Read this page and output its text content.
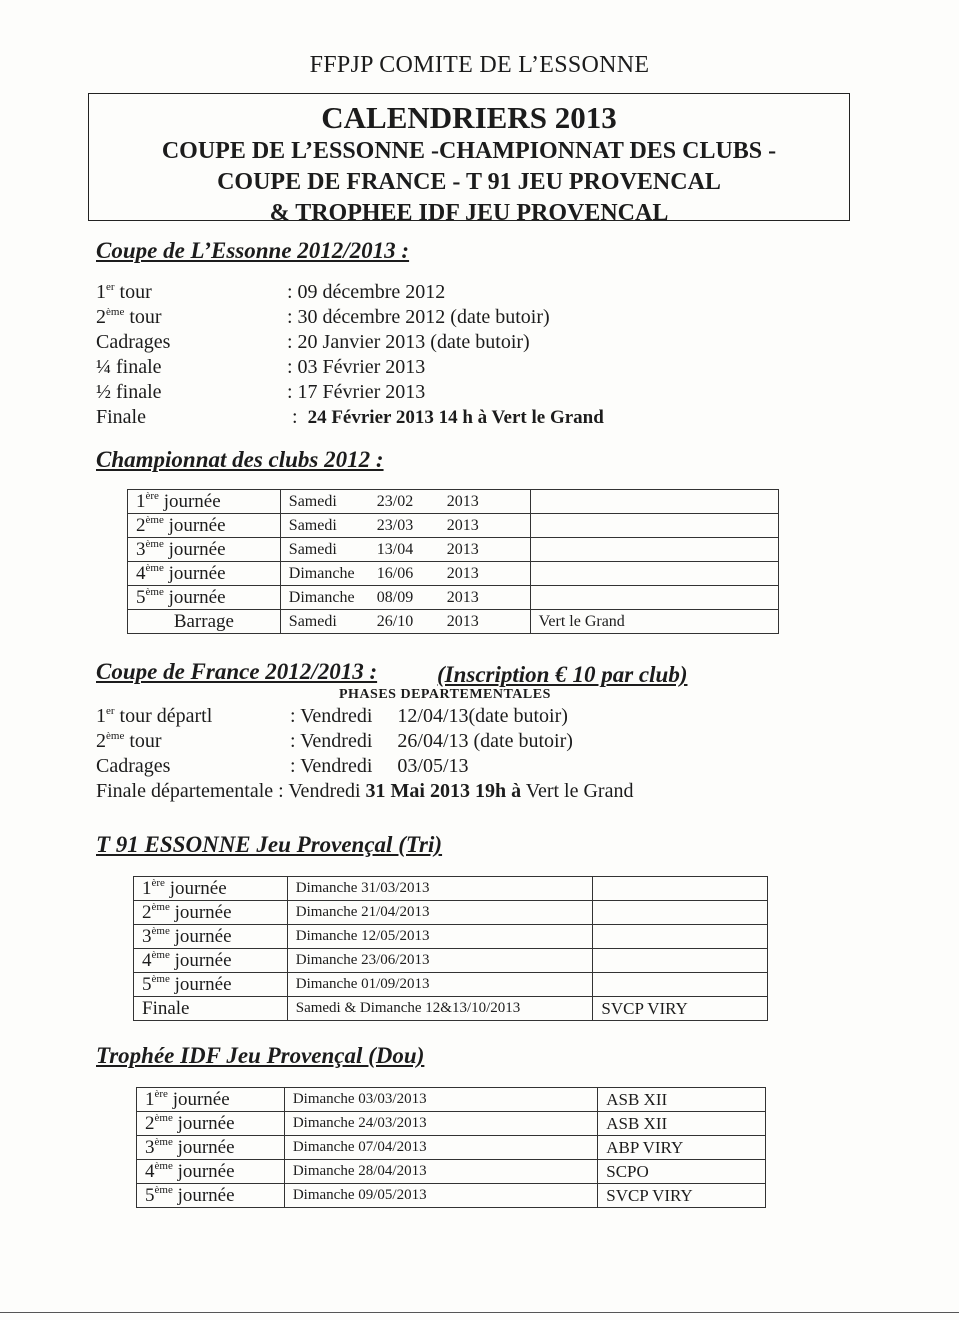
FFPJP COMITE DE L’ESSONNE
CALENDRIERS 2013
COUPE DE L’ESSONNE -CHAMPIONNAT DES CLUBS -
COUPE DE FRANCE - T 91 JEU PROVENCAL
& TROPHEE IDF JEU PROVENCAL
Coupe de L’Essonne 2012/2013 :
1er tour	: 09 décembre 2012
2ème tour	: 30 décembre 2012 (date butoir)
Cadrages	: 20 Janvier 2013 (date butoir)
¼ finale	: 03 Février 2013
½ finale	: 17 Février 2013
Finale	: 24 Février 2013 14 h à Vert le Grand
Championnat des clubs 2012 :
1ère journée	Samedi 23/02 2013	
2ème journée	Samedi 23/03 2013	
3ème journée	Samedi 13/04 2013	
4ème journée	Dimanche 16/06 2013	
5ème journée	Dimanche 08/09 2013	
Barrage	Samedi 26/10 2013	Vert le Grand
Coupe de France 2012/2013 :	(Inscription € 10 par club)
PHASES DEPARTEMENTALES
1er tour départl	: Vendredi     12/04/13(date butoir)
2ème tour	: Vendredi     26/04/13 (date butoir)
Cadrages	: Vendredi     03/05/13
Finale départementale : Vendredi 31 Mai 2013 19h à Vert le Grand
T 91 ESSONNE Jeu Provençal (Tri)
1ère journée	Dimanche 31/03/2013	
2ème journée	Dimanche 21/04/2013	
3ème journée	Dimanche 12/05/2013	
4ème journée	Dimanche 23/06/2013	
5ème journée	Dimanche 01/09/2013	
Finale	Samedi & Dimanche 12&13/10/2013	SVCP VIRY
Trophée IDF Jeu Provençal (Dou)
1ère journée	Dimanche 03/03/2013	ASB XII
2ème journée	Dimanche 24/03/2013	ASB XII
3ème journée	Dimanche 07/04/2013	ABP VIRY
4ème journée	Dimanche 28/04/2013	SCPO
5ème journée	Dimanche 09/05/2013	SVCP VIRY
